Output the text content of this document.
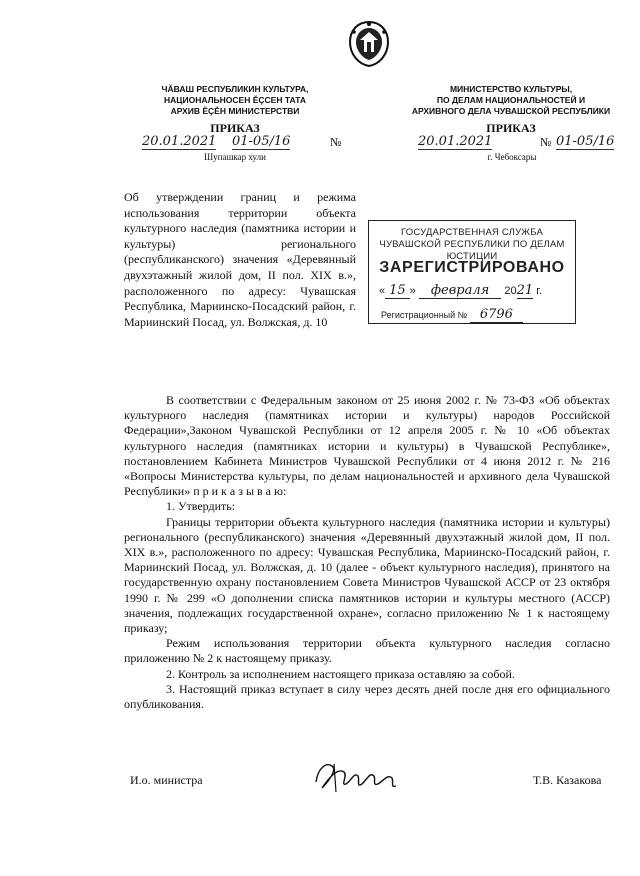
ЧĂВАШ РЕСПУБЛИКИН КУЛЬТУРА,
НАЦИОНАЛЬНОСЕН ĔÇСЕН ТАТА
АРХИВ ĔÇĔН МИНИСТЕРСТВИ
ПРИКАЗ
20.01.2021 01-05/16	№
Шупашкар хули
МИНИСТЕРСТВО КУЛЬТУРЫ,
ПО ДЕЛАМ НАЦИОНАЛЬНОСТЕЙ И
АРХИВНОГО ДЕЛА ЧУВАШСКОЙ РЕСПУБЛИКИ
ПРИКАЗ
20.01.2021	№ 01-05/16
г. Чебоксары
Об утверждении границ и режима использования территории объекта культурного наследия (памятника истории и культуры) регионального (республиканского) значения «Деревянный двухэтажный жилой дом, II пол. XIX в.», расположенного по адресу: Чувашская Республика, Мариинско-Посадский район, г. Мариинский Посад, ул. Волжская, д. 10
ГОСУДАРСТВЕННАЯ СЛУЖБА ЧУВАШСКОЙ РЕСПУБЛИКИ ПО ДЕЛАМ ЮСТИЦИИ
ЗАРЕГИСТРИРОВАНО
« 15 » февраля 2021 г.
Регистрационный № 6796

В соответствии с Федеральным законом от 25 июня 2002 г. № 73-ФЗ «Об объектах культурного наследия (памятниках истории и культуры) народов Российской Федерации»,Законом Чувашской Республики от 12 апреля 2005 г. № 10 «Об объектах культурного наследия (памятниках истории и культуры) в Чувашской Республике», постановлением Кабинета Министров Чувашской Республики от 4 июня 2012 г. № 216 «Вопросы Министерства культуры, по делам национальностей и архивного дела Чувашской Республики» п р и к а з ы в а ю:

1. Утвердить:

Границы территории объекта культурного наследия (памятника истории и культуры) регионального (республиканского) значения «Деревянный двухэтажный жилой дом, II пол. XIX в.», расположенного по адресу: Чувашская Республика, Мариинско-Посадский район, г. Мариинский Посад, ул. Волжская, д. 10 (далее - объект культурного наследия), принятого на государственную охрану постановлением Совета Министров Чувашской АССР от 23 октября 1990 г. № 299 «О дополнении списка памятников истории и культуры местного (АССР) значения, подлежащих государственной охране», согласно приложению № 1 к настоящему приказу;

Режим использования территории объекта культурного наследия согласно приложению № 2 к настоящему приказу.

2. Контроль за исполнением настоящего приказа оставляю за собой.

3. Настоящий приказ вступает в силу через десять дней после дня его официального опубликования.

И.о. министра	Т.В. Казакова
